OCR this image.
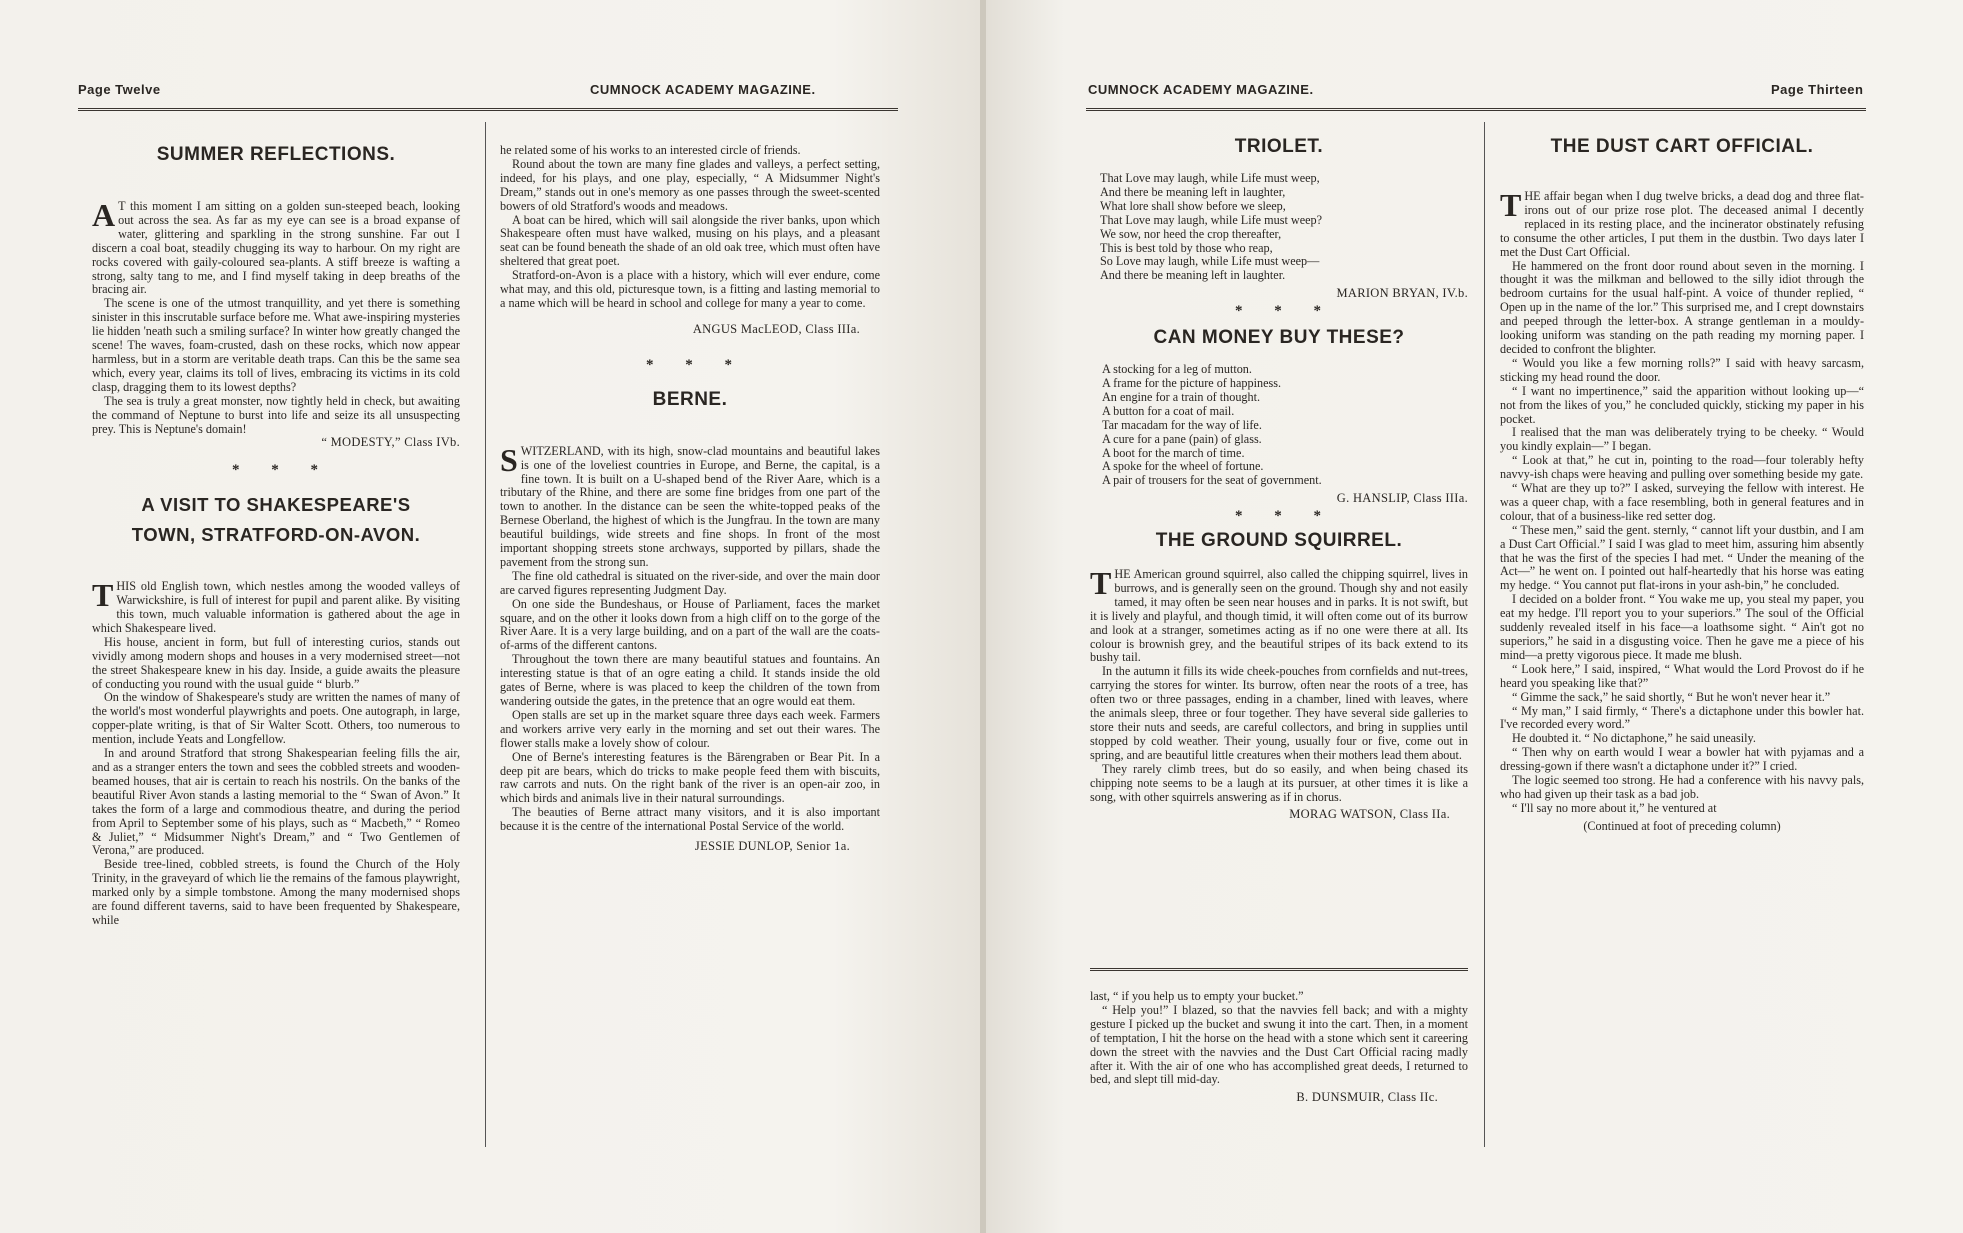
Page Twelve	CUMNOCK ACADEMY MAGAZINE.
SUMMER REFLECTIONS.

A T this moment I am sitting on a golden sun-steeped beach, looking out across the sea. As far as my eye can see is a broad expanse of water, glittering and sparkling in the strong sunshine. Far out I discern a coal boat, steadily chugging its way to harbour. On my right are rocks covered with gaily-coloured sea-plants. A stiff breeze is wafting a strong, salty tang to me, and I find myself taking in deep breaths of the bracing air.

The scene is one of the utmost tranquillity, and yet there is something sinister in this inscrutable surface before me. What awe-inspiring mysteries lie hidden 'neath such a smiling surface? In winter how greatly changed the scene! The waves, foam-crusted, dash on these rocks, which now appear harmless, but in a storm are veritable death traps. Can this be the same sea which, every year, claims its toll of lives, embracing its victims in its cold clasp, dragging them to its lowest depths?

The sea is truly a great monster, now tightly held in check, but awaiting the command of Neptune to burst into life and seize its all unsuspecting prey. This is Neptune's domain!

“ MODESTY,” Class IVb.

* * *

A VISIT TO SHAKESPEARE'S
TOWN, STRATFORD-ON-AVON.

THIS old English town, which nestles among the wooded valleys of Warwickshire, is full of interest for pupil and parent alike. By visiting this town, much valuable information is gathered about the age in which Shakespeare lived.

His house, ancient in form, but full of interesting curios, stands out vividly among modern shops and houses in a very modernised street—not the street Shakespeare knew in his day. Inside, a guide awaits the pleasure of conducting you round with the usual guide “ blurb.”

On the window of Shakespeare's study are written the names of many of the world's most wonderful playwrights and poets. One autograph, in large, copper-plate writing, is that of Sir Walter Scott. Others, too numerous to mention, include Yeats and Longfellow.

In and around Stratford that strong Shakespearian feeling fills the air, and as a stranger enters the town and sees the cobbled streets and wooden-beamed houses, that air is certain to reach his nostrils. On the banks of the beautiful River Avon stands a lasting memorial to the “ Swan of Avon.” It takes the form of a large and commodious theatre, and during the period from April to September some of his plays, such as “ Macbeth,” “ Romeo & Juliet,” “ Midsummer Night's Dream,” and “ Two Gentlemen of Verona,” are produced.

Beside tree-lined, cobbled streets, is found the Church of the Holy Trinity, in the graveyard of which lie the remains of the famous playwright, marked only by a simple tombstone. Among the many modernised shops are found different taverns, said to have been frequented by Shakespeare, while

he related some of his works to an interested circle of friends.

Round about the town are many fine glades and valleys, a perfect setting, indeed, for his plays, and one play, especially, “ A Midsummer Night's Dream,” stands out in one's memory as one passes through the sweet-scented bowers of old Stratford's woods and meadows.

A boat can be hired, which will sail alongside the river banks, upon which Shakespeare often must have walked, musing on his plays, and a pleasant seat can be found beneath the shade of an old oak tree, which must often have sheltered that great poet.

Stratford-on-Avon is a place with a history, which will ever endure, come what may, and this old, picturesque town, is a fitting and lasting memorial to a name which will be heard in school and college for many a year to come.

ANGUS MacLEOD, Class IIIa.

* * *

BERNE.

SWITZERLAND, with its high, snow-clad mountains and beautiful lakes is one of the loveliest countries in Europe, and Berne, the capital, is a fine town. It is built on a U-shaped bend of the River Aare, which is a tributary of the Rhine, and there are some fine bridges from one part of the town to another. In the distance can be seen the white-topped peaks of the Bernese Oberland, the highest of which is the Jungfrau. In the town are many beautiful buildings, wide streets and fine shops. In front of the most important shopping streets stone archways, supported by pillars, shade the pavement from the strong sun.

The fine old cathedral is situated on the river-side, and over the main door are carved figures representing Judgment Day.

On one side the Bundeshaus, or House of Parliament, faces the market square, and on the other it looks down from a high cliff on to the gorge of the River Aare. It is a very large building, and on a part of the wall are the coats-of-arms of the different cantons.

Throughout the town there are many beautiful statues and fountains. An interesting statue is that of an ogre eating a child. It stands inside the old gates of Berne, where is was placed to keep the children of the town from wandering outside the gates, in the pretence that an ogre would eat them.

Open stalls are set up in the market square three days each week. Farmers and workers arrive very early in the morning and set out their wares. The flower stalls make a lovely show of colour.

One of Berne's interesting features is the Bärengraben or Bear Pit. In a deep pit are bears, which do tricks to make people feed them with biscuits, raw carrots and nuts. On the right bank of the river is an open-air zoo, in which birds and animals live in their natural surroundings.

The beauties of Berne attract many visitors, and it is also important because it is the centre of the international Postal Service of the world.

JESSIE DUNLOP, Senior 1a.

CUMNOCK ACADEMY MAGAZINE.	Page Thirteen
TRIOLET.

That Love may laugh, while Life must weep,

And there be meaning left in laughter,

What lore shall show before we sleep,

That Love may laugh, while Life must weep?

We sow, nor heed the crop thereafter,

This is best told by those who reap,

So Love may laugh, while Life must weep—

And there be meaning left in laughter.

MARION BRYAN, IV.b.

* * *

CAN MONEY BUY THESE?

A stocking for a leg of mutton.

A frame for the picture of happiness.

An engine for a train of thought.

A button for a coat of mail.

Tar macadam for the way of life.

A cure for a pane (pain) of glass.

A boot for the march of time.

A spoke for the wheel of fortune.

A pair of trousers for the seat of government.

G. HANSLIP, Class IIIa.

* * *

THE GROUND SQUIRREL.

THE American ground squirrel, also called the chipping squirrel, lives in burrows, and is generally seen on the ground. Though shy and not easily tamed, it may often be seen near houses and in parks. It is not swift, but it is lively and playful, and though timid, it will often come out of its burrow and look at a stranger, sometimes acting as if no one were there at all. Its colour is brownish grey, and the beautiful stripes of its back extend to its bushy tail.

In the autumn it fills its wide cheek-pouches from cornfields and nut-trees, carrying the stores for winter. Its burrow, often near the roots of a tree, has often two or three passages, ending in a chamber, lined with leaves, where the animals sleep, three or four together. They have several side galleries to store their nuts and seeds, are careful collectors, and bring in supplies until stopped by cold weather. Their young, usually four or five, come out in spring, and are beautiful little creatures when their mothers lead them about.

They rarely climb trees, but do so easily, and when being chased its chipping note seems to be a laugh at its pursuer, at other times it is like a song, with other squirrels answering as if in chorus.

MORAG WATSON, Class IIa.

last, “ if you help us to empty your bucket.”

“ Help you!” I blazed, so that the navvies fell back; and with a mighty gesture I picked up the bucket and swung it into the cart. Then, in a moment of temptation, I hit the horse on the head with a stone which sent it careering down the street with the navvies and the Dust Cart Official racing madly after it. With the air of one who has accomplished great deeds, I returned to bed, and slept till mid-day.

B. DUNSMUIR, Class IIc.

THE DUST CART OFFICIAL.

THE affair began when I dug twelve bricks, a dead dog and three flat-irons out of our prize rose plot. The deceased animal I decently replaced in its resting place, and the incinerator obstinately refusing to consume the other articles, I put them in the dustbin. Two days later I met the Dust Cart Official.

He hammered on the front door round about seven in the morning. I thought it was the milkman and bellowed to the silly idiot through the bedroom curtains for the usual half-pint. A voice of thunder replied, “ Open up in the name of the lor.” This surprised me, and I crept downstairs and peeped through the letter-box. A strange gentleman in a mouldy-looking uniform was standing on the path reading my morning paper. I decided to confront the blighter.

“ Would you like a few morning rolls?” I said with heavy sarcasm, sticking my head round the door.

“ I want no impertinence,” said the apparition without looking up—“ not from the likes of you,” he concluded quickly, sticking my paper in his pocket.

I realised that the man was deliberately trying to be cheeky. “ Would you kindly explain—” I began.

“ Look at that,” he cut in, pointing to the road—four tolerably hefty navvy-ish chaps were heaving and pulling over something beside my gate.

“ What are they up to?” I asked, surveying the fellow with interest. He was a queer chap, with a face resembling, both in general features and in colour, that of a business-like red setter dog.

“ These men,” said the gent. sternly, “ cannot lift your dustbin, and I am a Dust Cart Official.” I said I was glad to meet him, assuring him absently that he was the first of the species I had met. “ Under the meaning of the Act—” he went on. I pointed out half-heartedly that his horse was eating my hedge. “ You cannot put flat-irons in your ash-bin,” he concluded.

I decided on a bolder front. “ You wake me up, you steal my paper, you eat my hedge. I'll report you to your superiors.” The soul of the Official suddenly revealed itself in his face—a loathsome sight. “ Ain't got no superiors,” he said in a disgusting voice. Then he gave me a piece of his mind—a pretty vigorous piece. It made me blush.

“ Look here,” I said, inspired, “ What would the Lord Provost do if he heard you speaking like that?”

“ Gimme the sack,” he said shortly, “ But he won't never hear it.”

“ My man,” I said firmly, “ There's a dictaphone under this bowler hat. I've recorded every word.”

He doubted it. “ No dictaphone,” he said uneasily.

“ Then why on earth would I wear a bowler hat with pyjamas and a dressing-gown if there wasn't a dictaphone under it?” I cried.

The logic seemed too strong. He had a conference with his navvy pals, who had given up their task as a bad job.

“ I'll say no more about it,” he ventured at

(Continued at foot of preceding column)
